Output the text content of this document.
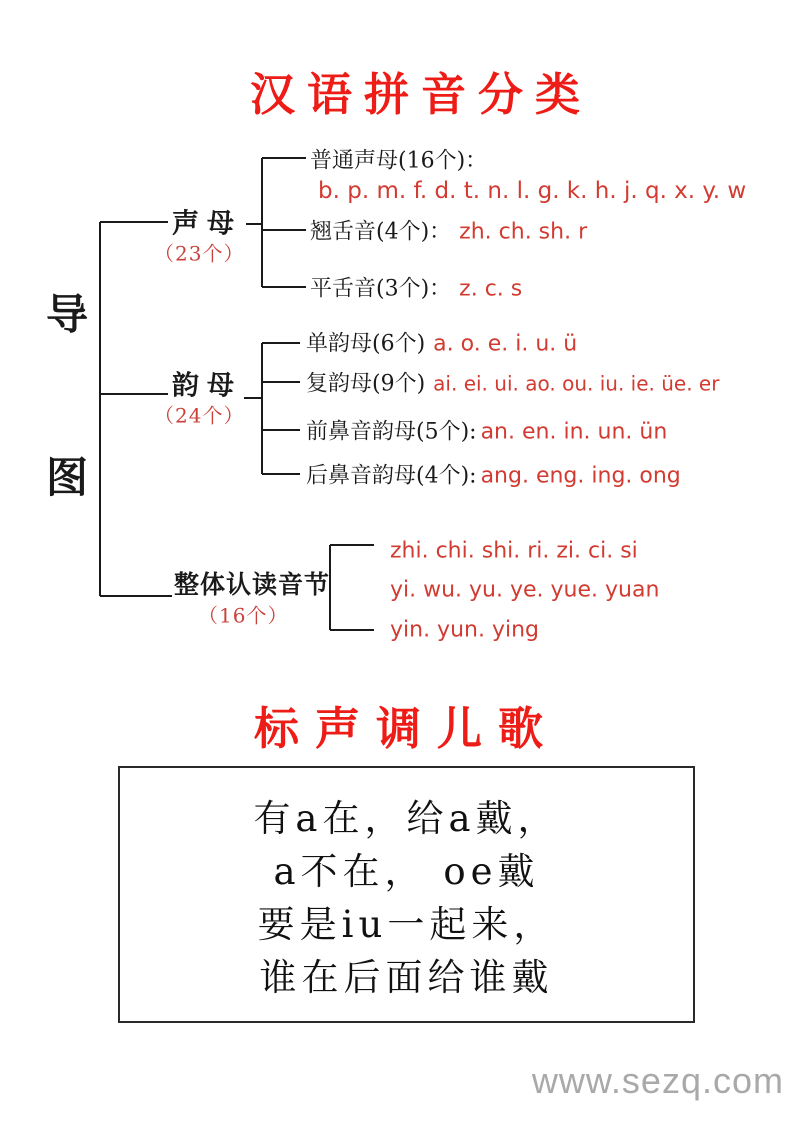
汉语拼音分类
导
图
声母
（23个）
普通声母(16个)：
b. p. m. f. d. t. n. l. g. k. h. j. q. x. y. w
翘舌音(4个)： zh. ch. sh. r
平舌音(3个)： z. c. s
韵母
（24个）
单韵母(6个) a. o. e. i. u. ü
复韵母(9个) ai. ei. ui. ao. ou. iu. ie. üe. er
前鼻音韵母(5个): an. en. in. un. ün
后鼻音韵母(4个): ang. eng. ing. ong
整体认读音节
（16个）
zhi. chi. shi. ri. zi. ci. si
yi. wu. yu. ye. yue. yuan
yin. yun. ying
标声调儿歌
有a在，给a戴，
a不在， oe戴
要是iu一起来，
谁在后面给谁戴
www.sezq.com
